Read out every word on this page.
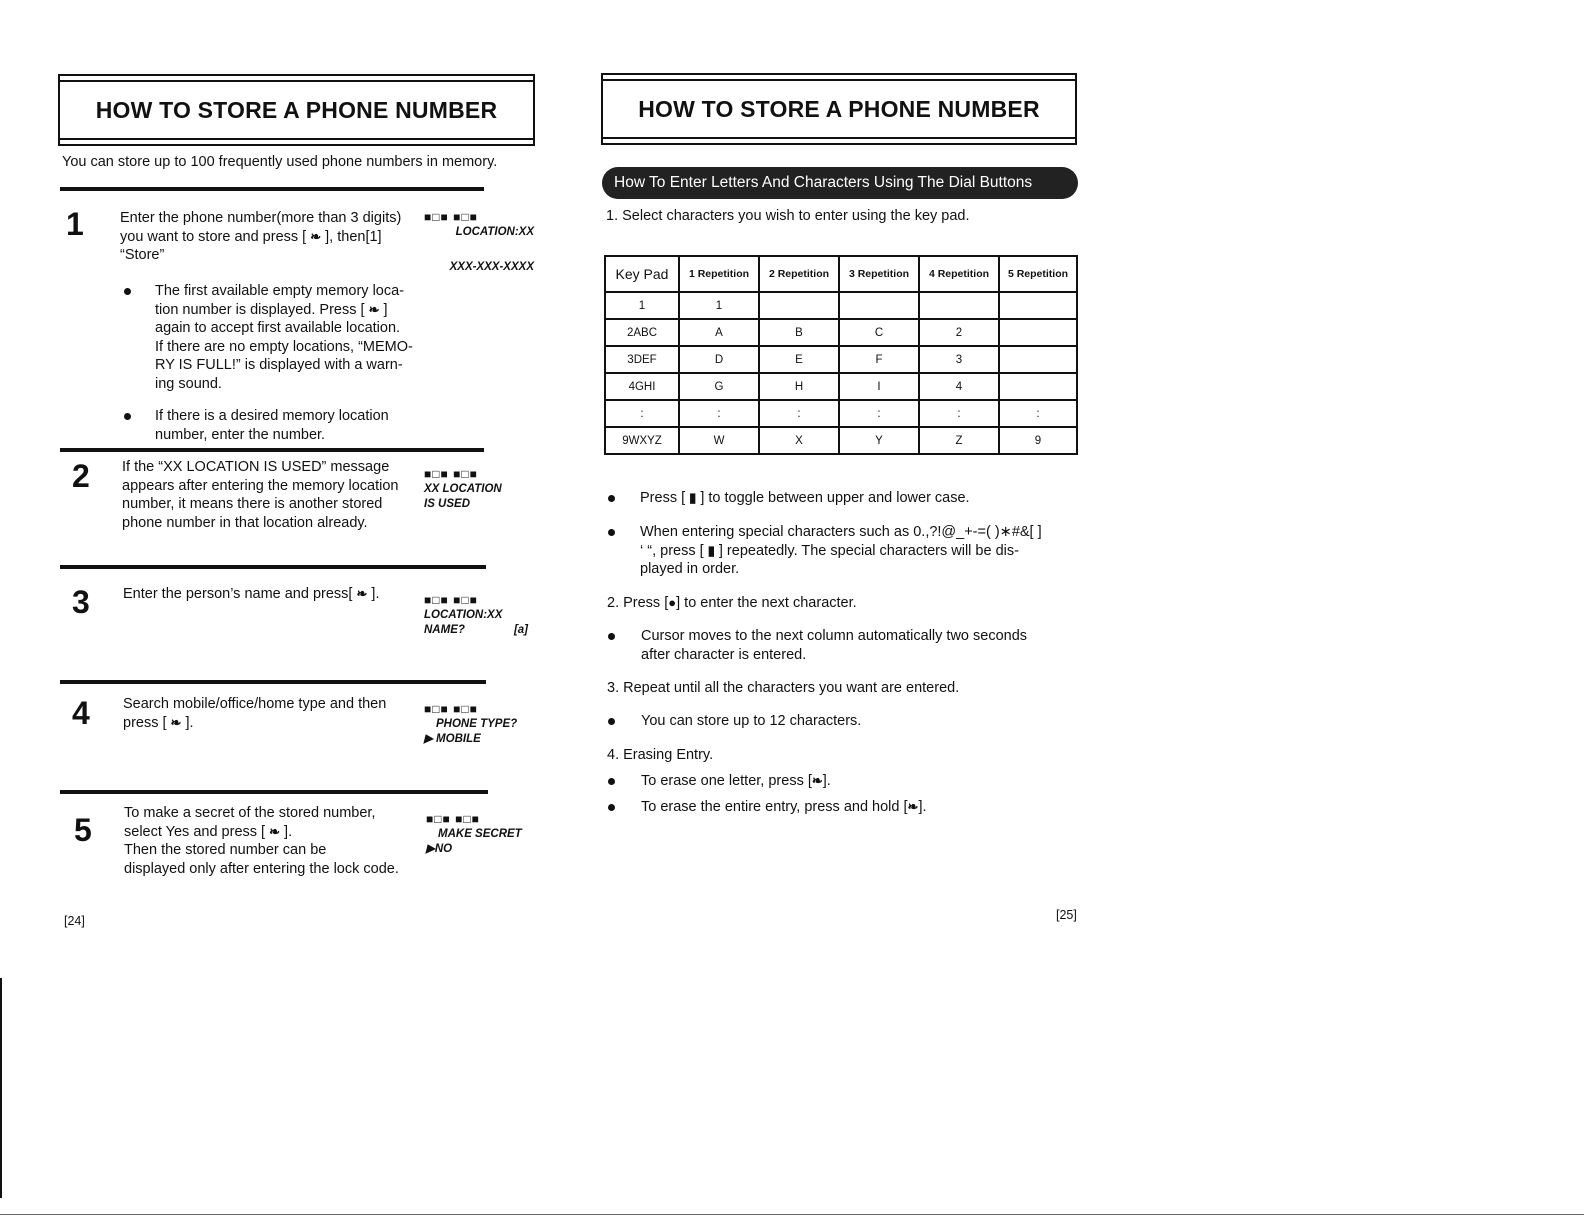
HOW TO STORE A PHONE NUMBER
You can store up to 100 frequently used phone numbers in memory.
1 Enter the phone number(more than 3 digits)
you want to store and press [ ❧ ], then[1]
“Store”
■□■ ■□■
LOCATION:XX
XXX-XXX-XXXX
The first available empty memory loca-
tion number is displayed. Press [ ❧ ]
again to accept first available location.
If there are no empty locations, “MEMO-
RY IS FULL!” is displayed with a warn-
ing sound.
If there is a desired memory location
number, enter the number.
2 If the “XX LOCATION IS USED” message
appears after entering the memory location
number, it means there is another stored
phone number in that location already.
■□■ ■□■
XX LOCATION
IS USED
3 Enter the person’s name and press[ ❧ ].	■□■ ■□■
LOCATION:XX
NAME?	[a]
4 Search mobile/office/home type and then
press [ ❧ ].
■□■ ■□■
PHONE TYPE?
▶ MOBILE
5 To make a secret of the stored number,
select Yes and press [ ❧ ].
Then the stored number can be
displayed only after entering the lock code.
■□■ ■□■
MAKE SECRET
▶NO
[24]
HOW TO STORE A PHONE NUMBER
How To Enter Letters And Characters Using The Dial Buttons
1. Select characters you wish to enter using the key pad.
Key Pad	1 Repetition	2 Repetition	3 Repetition	4 Repetition	5 Repetition
1	1				
2ABC	A	B	C	2	
3DEF	D	E	F	3	
4GHI	G	H	I	4	
:	:	:	:	:	:
9WXYZ	W	X	Y	Z	9
Press [ ▮ ] to toggle between upper and lower case.
When entering special characters such as 0.,?!@_+-=( )∗#&[ ]
‘ “, press [ ▮ ] repeatedly. The special characters will be dis-
played in order.
2. Press [●] to enter the next character.
Cursor moves to the next column automatically two seconds
after character is entered.
3. Repeat until all the characters you want are entered.
You can store up to 12 characters.
4. Erasing Entry.
To erase one letter, press [❧].
To erase the entire entry, press and hold [❧].
[25]
